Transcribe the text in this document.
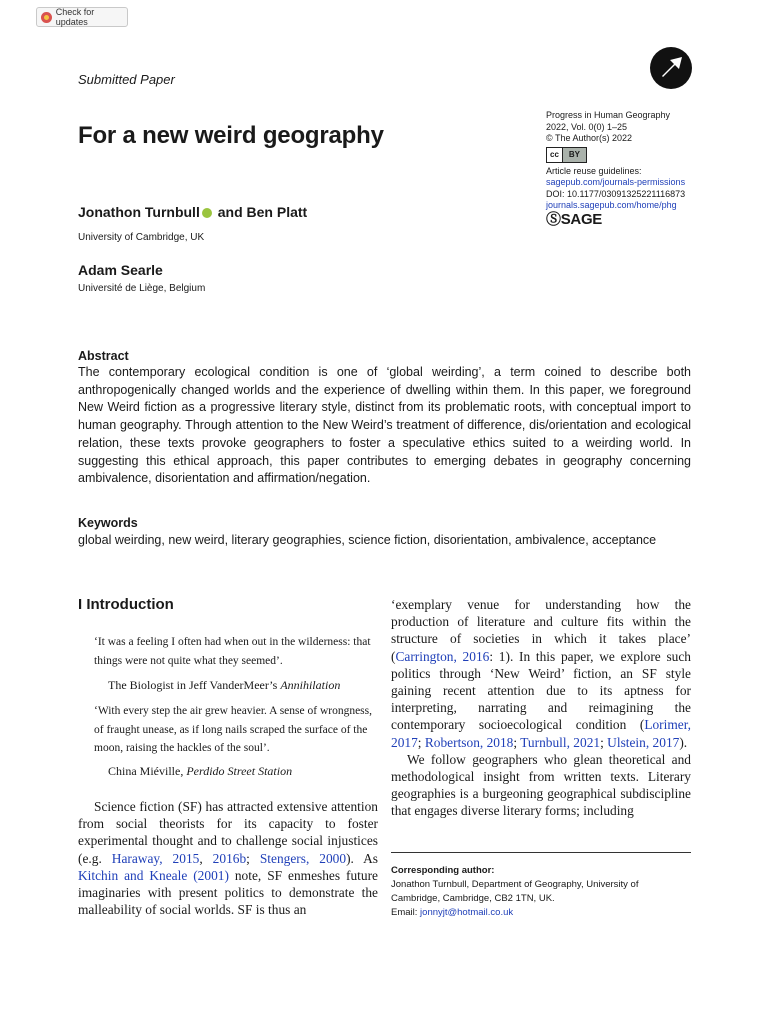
Check for updates
Submitted Paper
For a new weird geography
Progress in Human Geography
2022, Vol. 0(0) 1–25
© The Author(s) 2022
cc	BY
Article reuse guidelines:
sagepub.com/journals-permissions
DOI: 10.1177/03091325221116873
journals.sagepub.com/home/phg
ⓈSAGE
Jonathon Turnbull and Ben Platt
University of Cambridge, UK
Adam Searle
Université de Liège, Belgium
Abstract
The contemporary ecological condition is one of ‘global weirding’, a term coined to describe both anthropogenically changed worlds and the experience of dwelling within them. In this paper, we foreground New Weird fiction as a progressive literary style, distinct from its problematic roots, with conceptual import to human geography. Through attention to the New Weird’s treatment of difference, dis/orientation and ecological relation, these texts provoke geographers to foster a speculative ethics suited to a weirding world. In suggesting this ethical approach, this paper contributes to emerging debates in geography concerning ambivalence, disorientation and affirmation/negation.
Keywords
global weirding, new weird, literary geographies, science fiction, disorientation, ambivalence, acceptance
I Introduction
‘It was a feeling I often had when out in the wilderness: that things were not quite what they seemed’.
The Biologist in Jeff VanderMeer’s Annihilation
‘With every step the air grew heavier. A sense of wrongness, of fraught unease, as if long nails scraped the surface of the moon, raising the hackles of the soul’.
China Miéville, Perdido Street Station
Science fiction (SF) has attracted extensive attention from social theorists for its capacity to foster experimental thought and to challenge social injustices (e.g. Haraway, 2015, 2016b; Stengers, 2000). As Kitchin and Kneale (2001) note, SF enmeshes future imaginaries with present politics to demonstrate the malleability of social worlds. SF is thus an
‘exemplary venue for understanding how the production of literature and culture fits within the structure of societies in which it takes place’ (Carrington, 2016: 1). In this paper, we explore such politics through ‘New Weird’ fiction, an SF style gaining recent attention due to its aptness for interpreting, narrating and reimagining the contemporary socioecological condition (Lorimer, 2017; Robertson, 2018; Turnbull, 2021; Ulstein, 2017).
We follow geographers who glean theoretical and methodological insight from written texts. Literary geographies is a burgeoning geographical subdiscipline that engages diverse literary forms; including
Corresponding author:
Jonathon Turnbull, Department of Geography, University of
Cambridge, Cambridge, CB2 1TN, UK.
Email: jonnyjt@hotmail.co.uk
